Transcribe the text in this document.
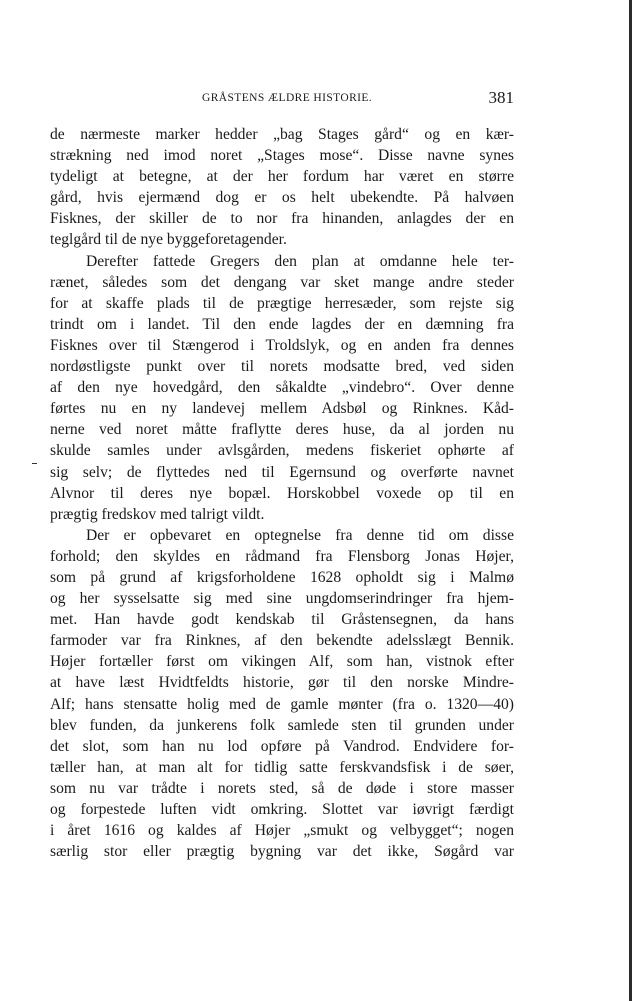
GRÅSTENS ÆLDRE HISTORIE.	381
de nærmeste marker hedder „bag Stages gård“ og en kær-
strækning ned imod noret „Stages mose“. Disse navne synes
tydeligt at betegne, at der her fordum har været en større
gård, hvis ejermænd dog er os helt ubekendte. På halvøen
Fisknes, der skiller de to nor fra hinanden, anlagdes der en
teglgård til de nye byggeforetagender.
Derefter fattede Gregers den plan at omdanne hele ter-
rænet, således som det dengang var sket mange andre steder
for at skaffe plads til de prægtige herresæder, som rejste sig
trindt om i landet. Til den ende lagdes der en dæmning fra
Fisknes over til Stængerod i Troldslyk, og en anden fra dennes
nordøstligste punkt over til norets modsatte bred, ved siden
af den nye hovedgård, den såkaldte „vindebro“. Over denne
førtes nu en ny landevej mellem Adsbøl og Rinknes. Kåd-
nerne ved noret måtte fraflytte deres huse, da al jorden nu
skulde samles under avlsgården, medens fiskeriet ophørte af
sig selv; de flyttedes ned til Egernsund og overførte navnet
Alvnor til deres nye bopæl. Horskobbel voxede op til en
prægtig fredskov med talrigt vildt.
Der er opbevaret en optegnelse fra denne tid om disse
forhold; den skyldes en rådmand fra Flensborg Jonas Højer,
som på grund af krigsforholdene 1628 opholdt sig i Malmø
og her sysselsatte sig med sine ungdomserindringer fra hjem-
met. Han havde godt kendskab til Gråstensegnen, da hans
farmoder var fra Rinknes, af den bekendte adelsslægt Bennik.
Højer fortæller først om vikingen Alf, som han, vistnok efter
at have læst Hvidtfeldts historie, gør til den norske Mindre-
Alf; hans stensatte holig med de gamle mønter (fra o. 1320—40)
blev funden, da junkerens folk samlede sten til grunden under
det slot, som han nu lod opføre på Vandrod. Endvidere for-
tæller han, at man alt for tidlig satte ferskvandsfisk i de søer,
som nu var trådte i norets sted, så de døde i store masser
og forpestede luften vidt omkring. Slottet var iøvrigt færdigt
i året 1616 og kaldes af Højer „smukt og velbygget“; nogen
særlig stor eller prægtig bygning var det ikke, Søgård var
